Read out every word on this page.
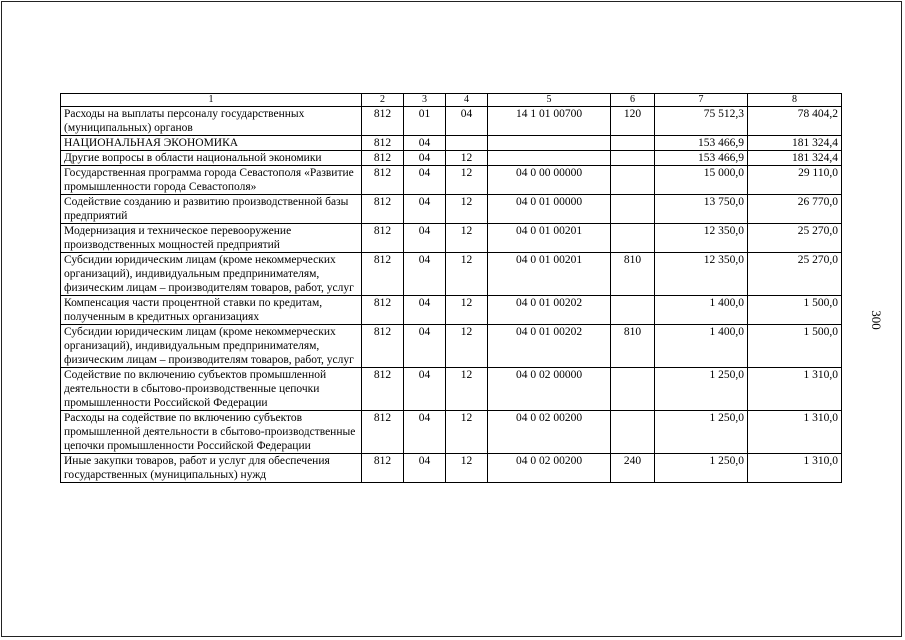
1	2	3	4	5	6	7	8
Расходы на выплаты персоналу государственных (муниципальных) органов	812	01	04	14 1 01 00700	120	75 512,3	78 404,2
НАЦИОНАЛЬНАЯ ЭКОНОМИКА	812	04				153 466,9	181 324,4
Другие вопросы в области национальной экономики	812	04	12			153 466,9	181 324,4
Государственная программа города Севастополя «Развитие промышленности города Севастополя»	812	04	12	04 0 00 00000		15 000,0	29 110,0
Содействие созданию и развитию производственной базы предприятий	812	04	12	04 0 01 00000		13 750,0	26 770,0
Модернизация и техническое перевооружение производственных мощностей предприятий	812	04	12	04 0 01 00201		12 350,0	25 270,0
Субсидии юридическим лицам (кроме некоммерческих организаций), индивидуальным предпринимателям, физическим лицам – производителям товаров, работ, услуг	812	04	12	04 0 01 00201	810	12 350,0	25 270,0
Компенсация части процентной ставки по кредитам, полученным в кредитных организациях	812	04	12	04 0 01 00202		1 400,0	1 500,0
Субсидии юридическим лицам (кроме некоммерческих организаций), индивидуальным предпринимателям, физическим лицам – производителям товаров, работ, услуг	812	04	12	04 0 01 00202	810	1 400,0	1 500,0
Содействие по включению субъектов промышленной деятельности в сбытово-производственные цепочки промышленности Российской Федерации	812	04	12	04 0 02 00000		1 250,0	1 310,0
Расходы на содействие по включению субъектов промышленной деятельности в сбытово-производственные цепочки промышленности Российской Федерации	812	04	12	04 0 02 00200		1 250,0	1 310,0
Иные закупки товаров, работ и услуг для обеспечения государственных (муниципальных) нужд	812	04	12	04 0 02 00200	240	1 250,0	1 310,0
300
